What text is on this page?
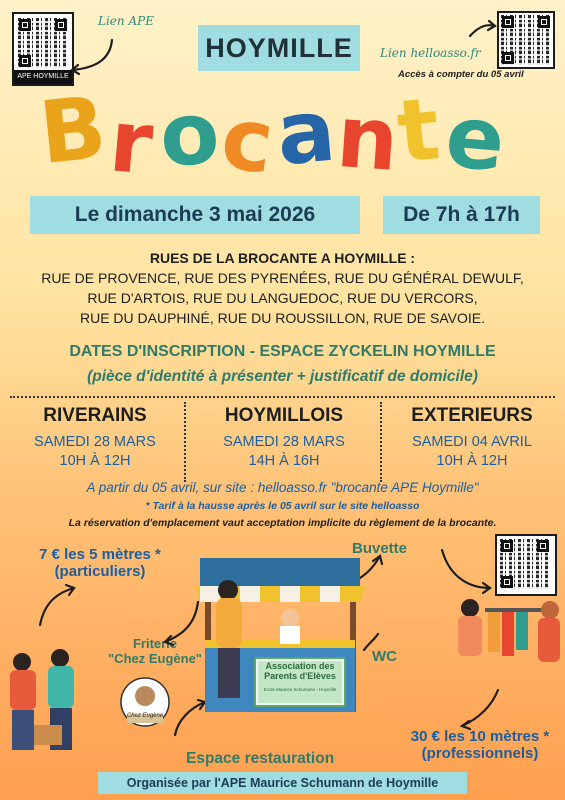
APE HOYMILLE
Lien APE
Lien helloasso.fr
Accès à compter du 05 avril
HOYMILLE
B
r o
c
a
n
t
e
Le dimanche 3 mai 2026	De 7h à 17h
RUES DE LA BROCANTE A HOYMILLE :
RUE DE PROVENCE, RUE DES PYRENÉES, RUE DU GÉNÉRAL DEWULF,
RUE D'ARTOIS, RUE DU LANGUEDOC, RUE DU VERCORS,
RUE DU DAUPHINÉ, RUE DU ROUSSILLON, RUE DE SAVOIE.
DATES D'INSCRIPTION - ESPACE ZYCKELIN HOYMILLE
(pièce d'identité à présenter + justificatif de domicile)
RIVERAINS
SAMEDI 28 MARS
10H À 12H
HOYMILLOIS
SAMEDI 28 MARS
14H À 16H
EXTERIEURS
SAMEDI 04 AVRIL
10H À 12H
A partir du 05 avril, sur site : helloasso.fr "brocante APE Hoymille"
* Tarif à la hausse après le 05 avril sur le site helloasso
La réservation d'emplacement vaut acceptation implicite du règlement de la brocante.
7 € les 5 mètres *
(particuliers)
30 € les 10 mètres *
(professionnels)
Buvette
Friterie
"Chez Eugène"	WC
Espace restauration
Association des
Parents d'Elèves
Ecole Maurice Schumann - Hoymille
Chez Eugène
Organisée par l'APE Maurice Schumann de Hoymille
